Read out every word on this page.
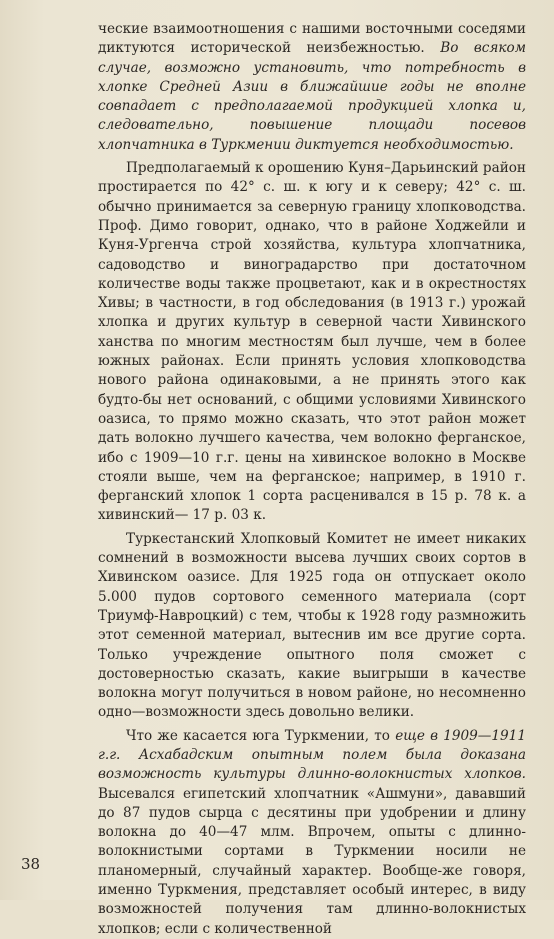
ческие взаимоотношения с нашими восточными соседями диктуются исторической неизбежностью. Во всяком случае, возможно установить, что потребность в хлопке Средней Азии в ближайшие годы не вполне совпадает с предполагаемой продукцией хлопка и, следовательно, повышение площади посевов хлопчатника в Туркмении диктуется необходимостью.

Предполагаемый к орошению Куня–Дарьинский район простирается по 42° с. ш. к югу и к северу; 42° с. ш. обычно принимается за северную границу хлопководства. Проф. Димо говорит, однако, что в районе Ходжейли и Куня-Ургенча строй хозяйства, культура хлопчатника, садоводство и виноградарство при достаточном количестве воды также процветают, как и в окрестностях Хивы; в частности, в год обследования (в 1913 г.) урожай хлопка и других культур в северной части Хивинского ханства по многим местностям был лучше, чем в более южных районах. Если принять условия хлопководства нового района одинаковыми, а не принять этого как будто-бы нет оснований, с общими условиями Хивинского оазиса, то прямо можно сказать, что этот район может дать волокно лучшего качества, чем волокно ферганское, ибо с 1909—10 г.г. цены на хивинское волокно в Москве стояли выше, чем на ферганское; например, в 1910 г. ферганский хлопок 1 сорта расценивался в 15 р. 78 к. а хивинский— 17 р. 03 к.

Туркестанский Хлопковый Комитет не имеет никаких сомнений в возможности высева лучших своих сортов в Хивинском оазисе. Для 1925 года он отпускает около 5.000 пудов сортового семенного материала (сорт Триумф-Навроцкий) с тем, чтобы к 1928 году размножить этот семенной материал, вытеснив им все другие сорта. Только учреждение опытного поля сможет с достоверностью сказать, какие выигрыши в качестве волокна могут получиться в новом районе, но несомненно одно—возможности здесь довольно велики.

Что же касается юга Туркмении, то еще в 1909—1911 г.г. Асхабадским опытным полем была доказана возможность культуры длинно-волокнистых хлопков. Высевался египетский хлопчатник «Ашмуни», дававший до 87 пудов сырца с десятины при удобрении и длину волокна до 40—47 млм. Впрочем, опыты с длинно-волокнистыми сортами в Туркмении носили не планомерный, случайный характер. Вообще-же говоря, именно Туркмения, представляет особый интерес, в виду возможностей получения там длинно-волокнистых хлопков; если с количественной

38
